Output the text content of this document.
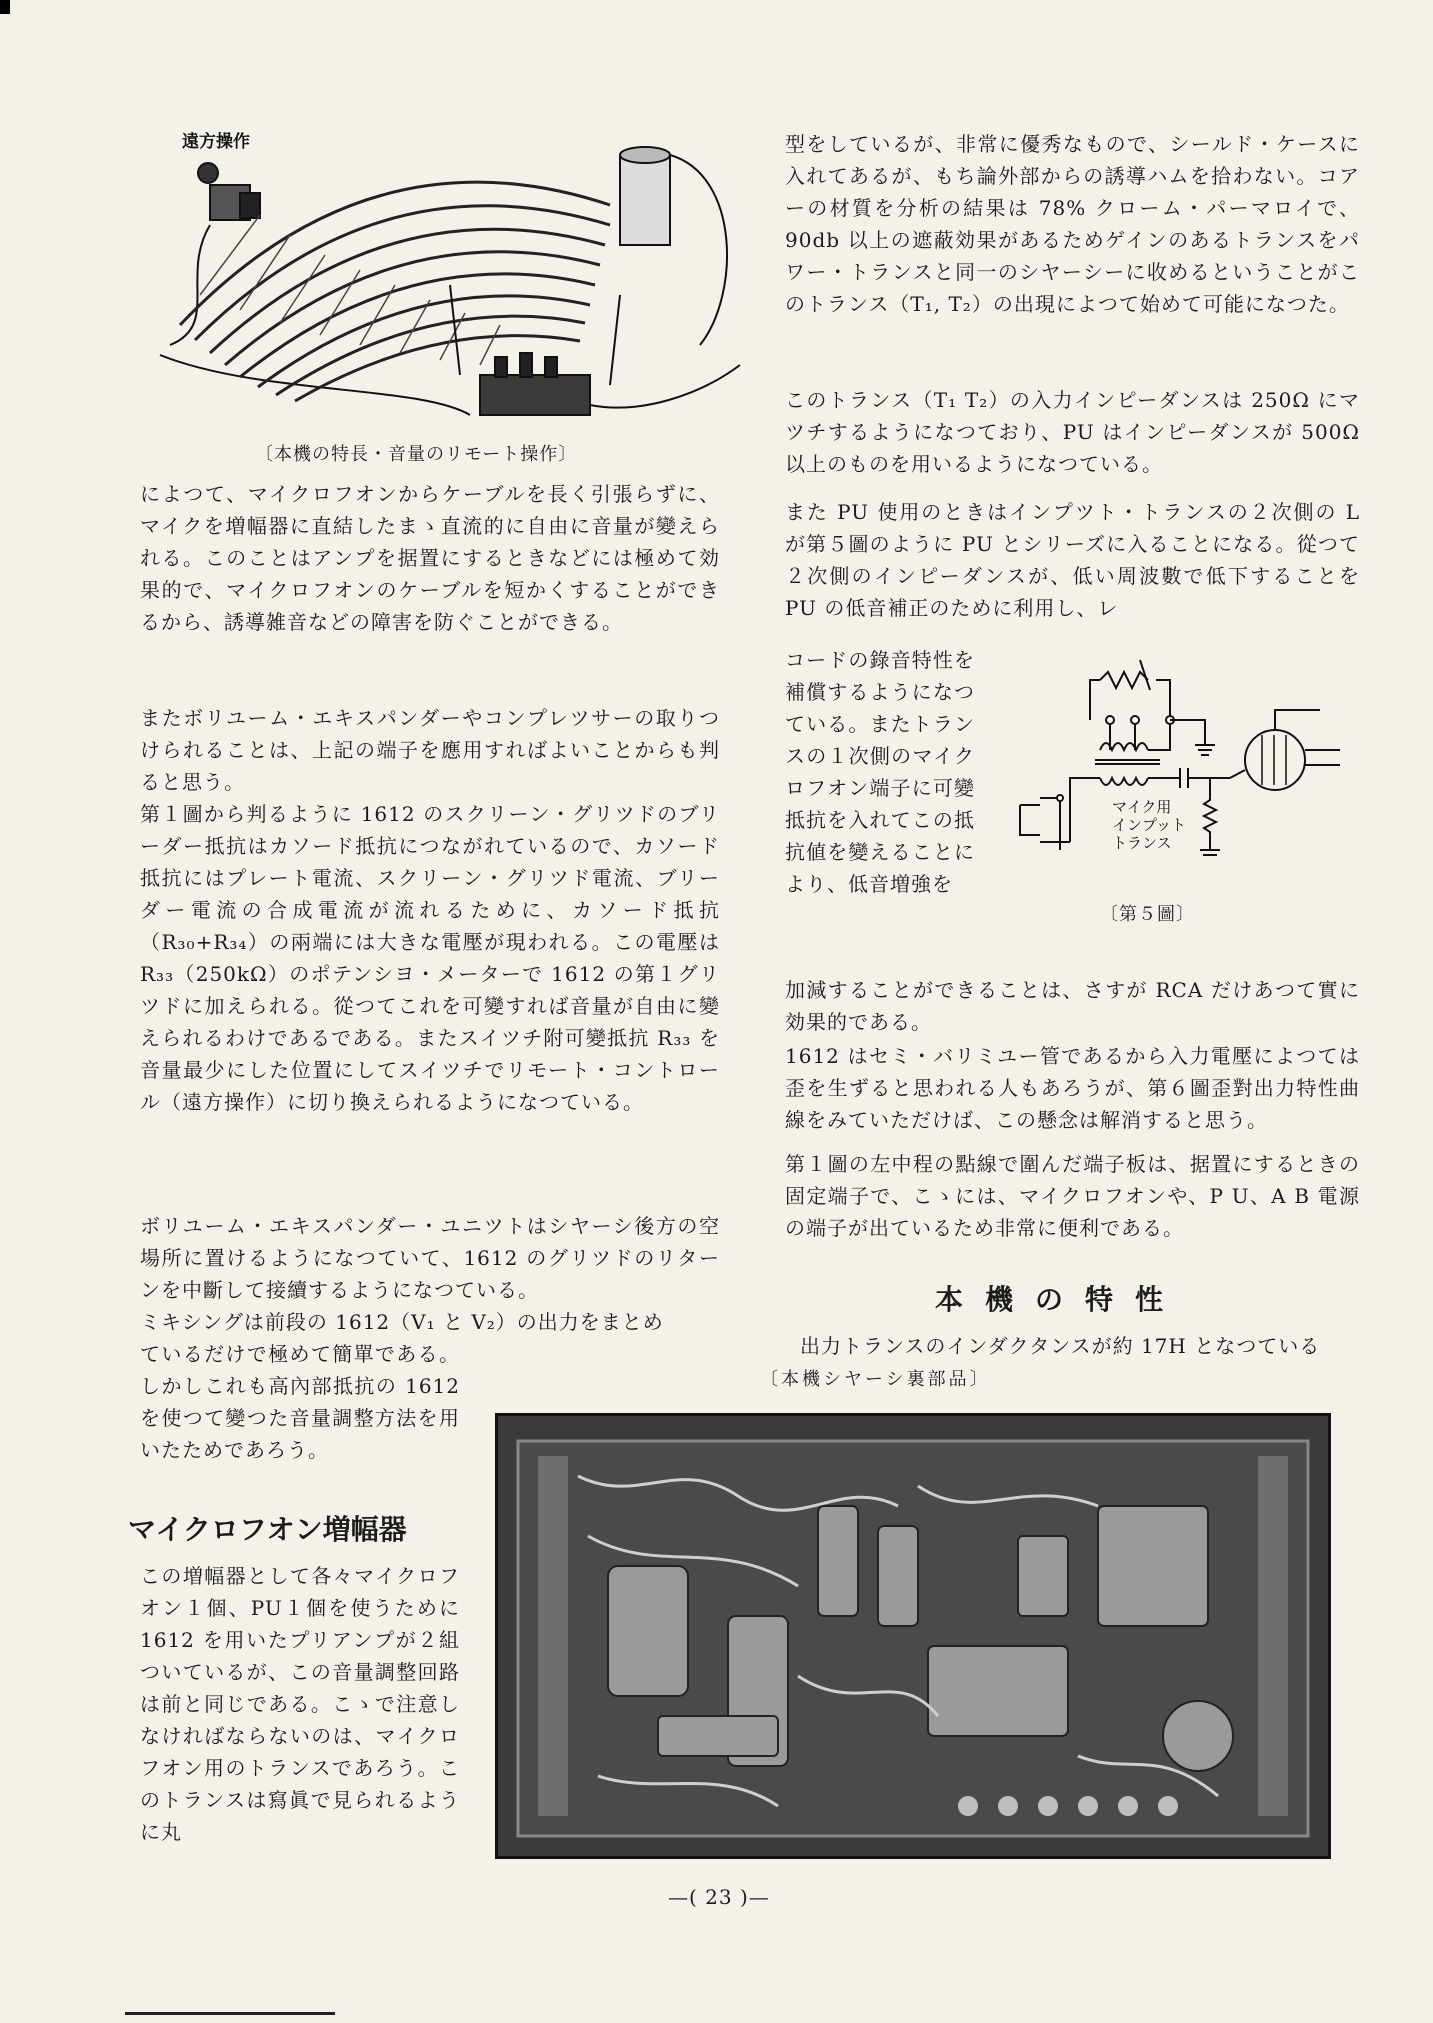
遠方操作
〔本機の特長・音量のリモート操作〕

によつて、マイクロフオンからケーブルを長く引張らずに、マイクを増幅器に直結したまゝ直流的に自由に音量が變えられる。このことはアンプを据置にするときなどには極めて効果的で、マイクロフオンのケーブルを短かくすることができるから、誘導雑音などの障害を防ぐことができる。

またボリユーム・エキスパンダーやコンプレツサーの取りつけられることは、上記の端子を應用すればよいことからも判ると思う。

第１圖から判るように 1612 のスクリーン・グリツドのブリーダー抵抗はカソード抵抗につながれているので、カソード抵抗にはプレート電流、スクリーン・グリツド電流、ブリーダー電流の合成電流が流れるために、カソード抵抗（R₃₀+R₃₄）の兩端には大きな電壓が現われる。この電壓は R₃₃（250kΩ）のポテンシヨ・メーターで 1612 の第１グリツドに加えられる。從つてこれを可變すれば音量が自由に變えられるわけであるである。またスイツチ附可變抵抗 R₃₃ を音量最少にした位置にしてスイツチでリモート・コントロール（遠方操作）に切り換えられるようになつている。

ボリユーム・エキスパンダー・ユニツトはシヤーシ後方の空場所に置けるようになつていて、1612 のグリツドのリターンを中斷して接續するようになつている。

ミキシングは前段の 1612（V₁ と V₂）の出力をまとめ

ているだけで極めて簡單である。しかしこれも高內部抵抗の 1612 を使つて變つた音量調整方法を用いたためであろう。

マイクロフオン増幅器

この増幅器として各々マイクロフオン１個、PU１個を使うために 1612 を用いたプリアンプが２組ついているが、この音量調整回路は前と同じである。こゝで注意しなければならないのは、マイクロフオン用のトランスであろう。このトランスは寫眞で見られるように丸

型をしているが、非常に優秀なもので、シールド・ケースに入れてあるが、もち論外部からの誘導ハムを拾わない。コアーの材質を分析の結果は 78% クローム・パーマロイで、90db 以上の遮蔽効果があるためゲインのあるトランスをパワー・トランスと同一のシヤーシーに收めるということがこのトランス（T₁, T₂）の出現によつて始めて可能になつた。

このトランス（T₁ T₂）の入力インピーダンスは 250Ω にマツチするようになつており、PU はインピーダンスが 500Ω 以上のものを用いるようになつている。

また PU 使用のときはインプツト・トランスの２次側の L が第５圖のように PU とシリーズに入ることになる。從つて２次側のインピーダンスが、低い周波數で低下することを PU の低音補正のために利用し、レ

コードの錄音特性を補償するようになつている。またトランスの１次側のマイクロフオン端子に可變抵抗を入れてこの抵抗値を變えることにより、低音増強を

加減することができることは、さすが RCA だけあつて實に効果的である。

1612 はセミ・バリミユー管であるから入力電壓によつては歪を生ずると思われる人もあろうが、第６圖歪對出力特性曲線をみていただけば、この懸念は解消すると思う。

第１圖の左中程の點線で圍んだ端子板は、据置にするときの固定端子で、こゝには、マイクロフオンや、P U、A B 電源の端子が出ているため非常に便利である。

マイク用
インプット
トランス
〔第５圖〕
本機の特性

出力トランスのインダクタンスが約 17H となつている

〔本機シヤーシ裏部品〕
—( 23 )—
